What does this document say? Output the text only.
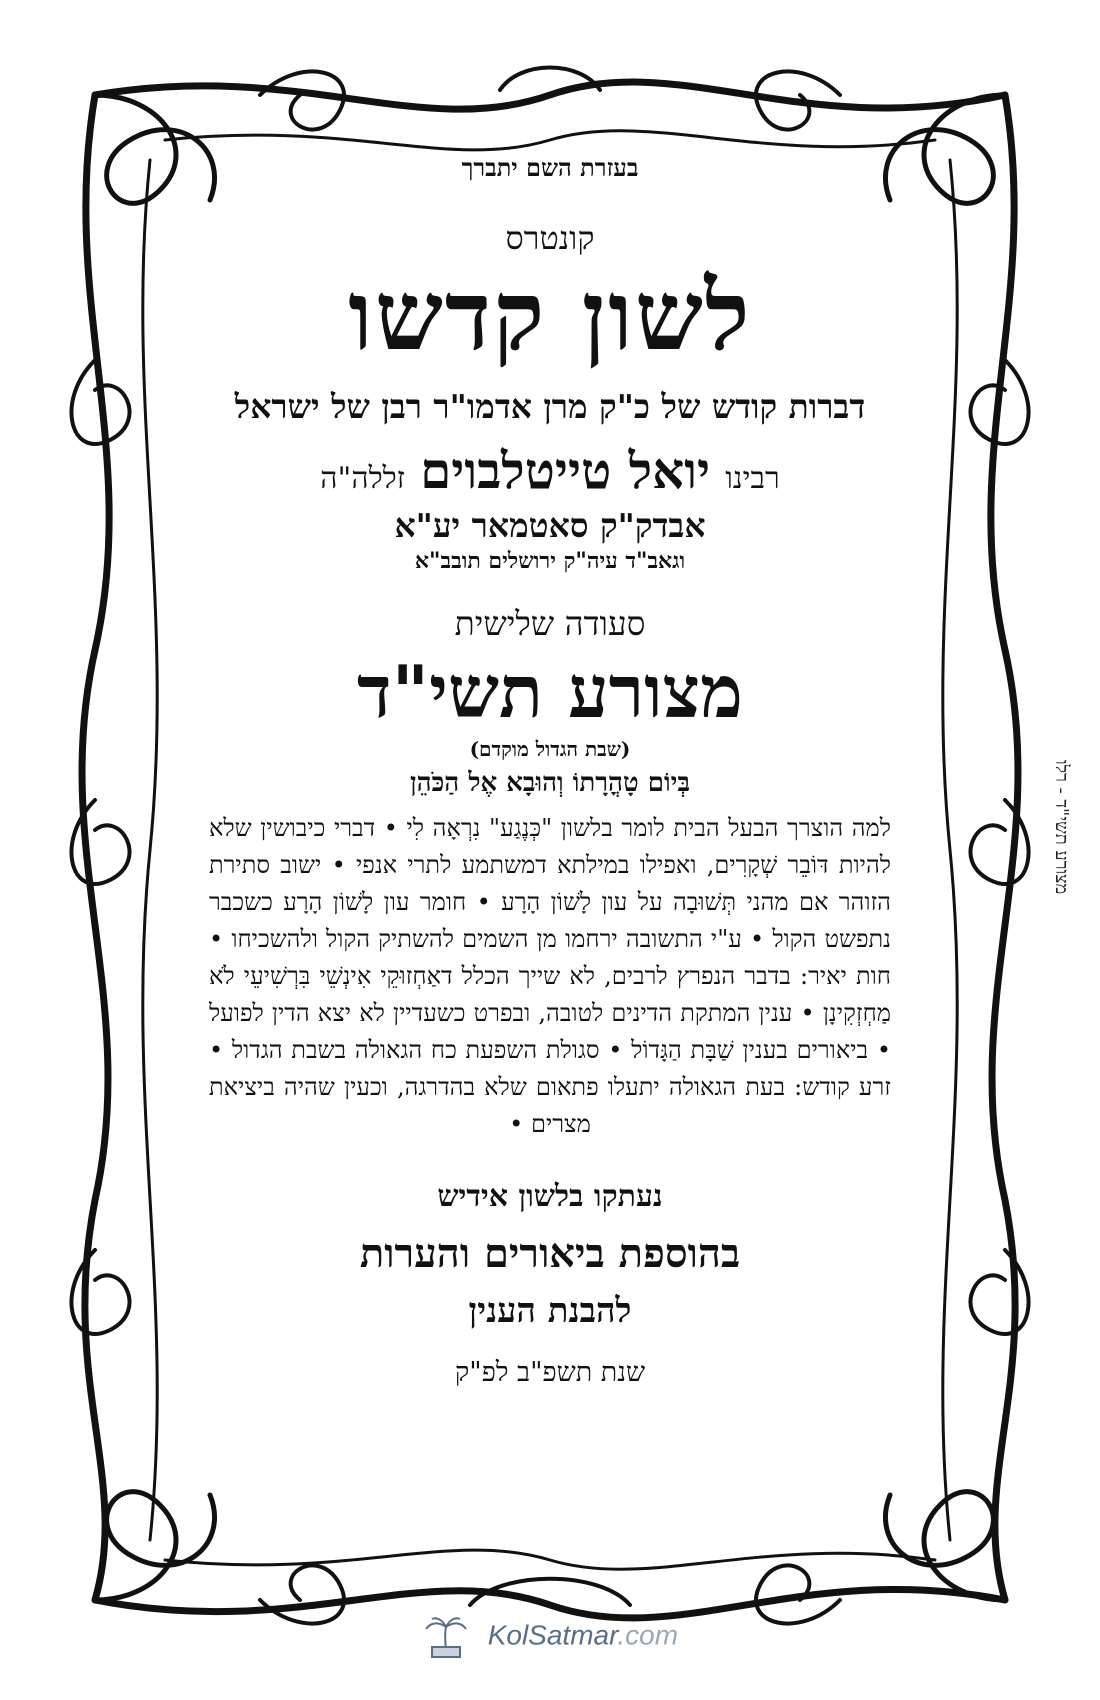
בעזרת השם יתברך
קונטרס
לשון קדשו
דברות קודש של כ"ק מרן אדמו"ר רבן של ישראל
רבינו יואל טייטלבוים זללה"ה
אבדק"ק סאטמאר יע"א
וגאב"ד עיה"ק ירושלים תובב"א
סעודה שלישית
מצורע תשי"ד
(שבת הגדול מוקדם)
בְּיוֹם טָהֳרָתוֹ וְהוּבָא אֶל הַכֹּהֵן
למה הוצרך הבעל הבית לומר בלשון "כְּנֶגַע" נִרְאָה לִי • דברי כיבושין שלא להיות דּוֹבֵר שְׁקָרִים, ואפילו במילתא דמשתמע לתרי אנפי • ישוב סתירת הזוהר אם מהני תְּשׁוּבָה על עון לָשׁוֹן הָרָע • חומר עון לָשׁוֹן הָרָע כשכבר נתפשט הקול • ע"י התשובה ירחמו מן השמים להשתיק הקול ולהשכיחו • חות יאיר: בדבר הנפרץ לרבים, לא שייך הכלל דאַחְזוּקֵי אִינְשֵׁי בִּרְשִׁיעֵי לֹא מַחְזְקִינָן • ענין המתקת הדינים לטובה, ובפרט כשעדיין לא יצא הדין לפועל • ביאורים בענין שַׁבָּת הַגָּדוֹל • סגולת השפעת כח הגאולה בשבת הגדול • זרע קודש: בעת הגאולה יתעלו פתאום שלא בהדרגה, וכעין שהיה ביציאת מצרים •
נעתקו בלשון אידיש
בהוספת ביאורים והערות
להבנת הענין
שנת תשפ"ב לפ"ק
מצורע תשי"ד - רלו
KolSatmar.com
